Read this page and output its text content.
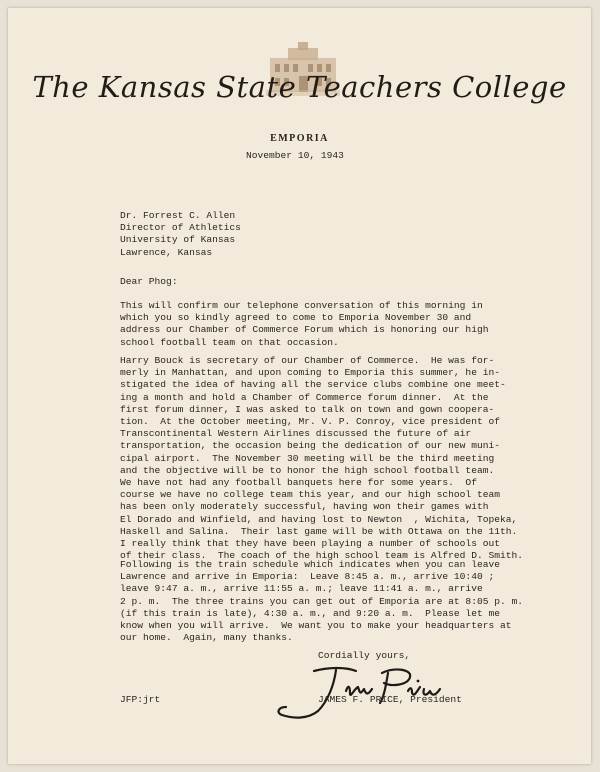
The Kansas State Teachers College
EMPORIA
November 10, 1943
Dr. Forrest C. Allen
Director of Athletics
University of Kansas
Lawrence, Kansas
Dear Phog:
This will confirm our telephone conversation of this morning in
which you so kindly agreed to come to Emporia November 30 and
address our Chamber of Commerce Forum which is honoring our high
school football team on that occasion.
Harry Bouck is secretary of our Chamber of Commerce.  He was for-
merly in Manhattan, and upon coming to Emporia this summer, he in-
stigated the idea of having all the service clubs combine one meet-
ing a month and hold a Chamber of Commerce forum dinner.  At the
first forum dinner, I was asked to talk on town and gown coopera-
tion.  At the October meeting, Mr. V. P. Conroy, vice president of
Transcontinental Western Airlines discussed the future of air
transportation, the occasion being the dedication of our new muni-
cipal airport.  The November 30 meeting will be the third meeting
and the objective will be to honor the high school football team.
We have not had any football banquets here for some years.  Of
course we have no college team this year, and our high school team
has been only moderately successful, having won their games with
El Dorado and Winfield, and having lost to Newton  , Wichita, Topeka,
Haskell and Salina.  Their last game will be with Ottawa on the 11th.
I really think that they have been playing a number of schools out
of their class.  The coach of the high school team is Alfred D. Smith.
Following is the train schedule which indicates when you can leave
Lawrence and arrive in Emporia:  Leave 8:45 a. m., arrive 10:40 ;
leave 9:47 a. m., arrive 11:55 a. m.; leave 11:41 a. m., arrive
2 p. m.  The three trains you can get out of Emporia are at 8:05 p. m.
(if this train is late), 4:30 a. m., and 9:20 a. m.  Please let me
know when you will arrive.  We want you to make your headquarters at
our home.  Again, many thanks.
Cordially yours,
JFP:jrt	JAMES F. PRICE, President
